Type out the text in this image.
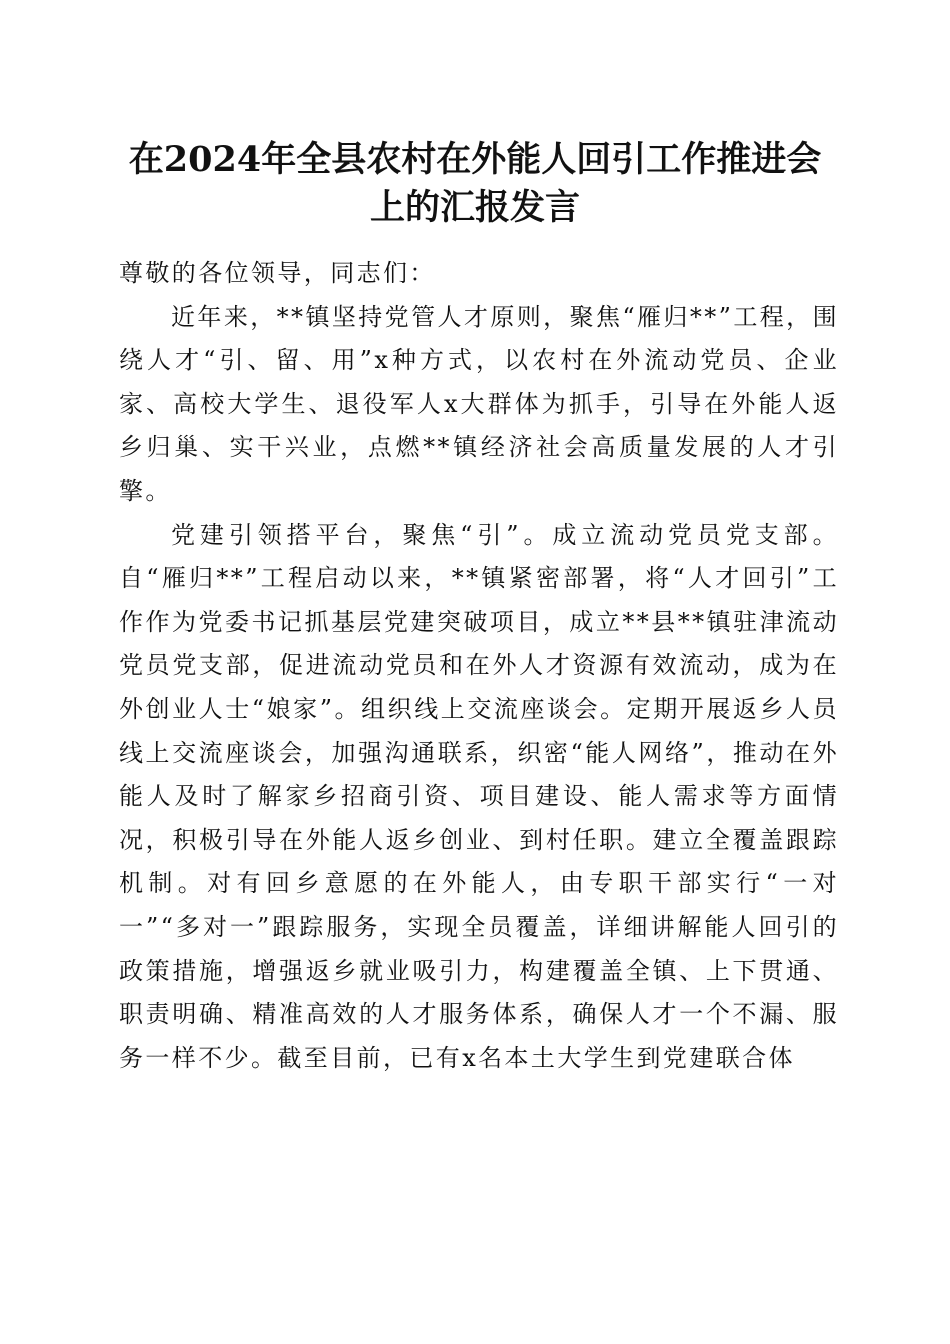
在2024年全县农村在外能人回引工作推进会
上的汇报发言

尊敬的各位领导，同志们：

近年来，**镇坚持党管人才原则，聚焦“雁归**”工程，围绕人才“引、留、用”x种方式，以农村在外流动党员、企业家、高校大学生、退役军人x大群体为抓手，引导在外能人返乡归巢、实干兴业，点燃**镇经济社会高质量发展的人才引擎。

党建引领搭平台，聚焦“引”。成立流动党员党支部。自“雁归**”工程启动以来，**镇紧密部署，将“人才回引”工作作为党委书记抓基层党建突破项目，成立**县**镇驻津流动党员党支部，促进流动党员和在外人才资源有效流动，成为在外创业人士“娘家”。组织线上交流座谈会。定期开展返乡人员线上交流座谈会，加强沟通联系，织密“能人网络”，推动在外能人及时了解家乡招商引资、项目建设、能人需求等方面情况，积极引导在外能人返乡创业、到村任职。建立全覆盖跟踪机制。对有回乡意愿的在外能人，由专职干部实行“一对一”“多对一”跟踪服务，实现全员覆盖，详细讲解能人回引的政策措施，增强返乡就业吸引力，构建覆盖全镇、上下贯通、职责明确、精准高效的人才服务体系，确保人才一个不漏、服务一样不少。截至目前，已有x名本土大学生到党建联合体
